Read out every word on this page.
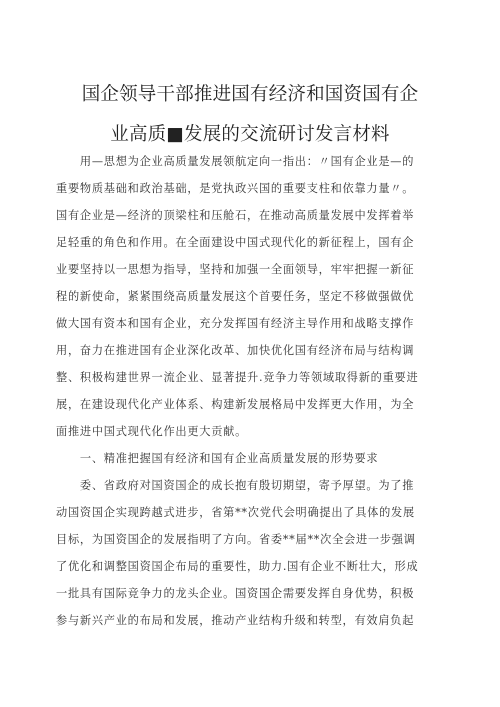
国企领导干部推进国有经济和国资国有企
业高质■发展的交流研讨发言材料
　　用—思想为企业高质量发展领航定向一指出：〃国有企业是—的
重要物质基础和政治基础，是党执政兴国的重要支柱和依靠力量〃。
国有企业是—经济的顶梁柱和压舱石，在推动高质量发展中发挥着举
足轻重的角色和作用。在全面建设中国式现代化的新征程上，国有企
业要坚持以一思想为指导，坚持和加强一全面领导，牢牢把握一新征
程的新使命，紧紧围绕高质量发展这个首要任务，坚定不移做强做优
做大国有资本和国有企业，充分发挥国有经济主导作用和战略支撑作
用，奋力在推进国有企业深化改革、加快优化国有经济布局与结构调
整、积极构建世界一流企业、显著提升.竞争力等领域取得新的重要进
展，在建设现代化产业体系、构建新发展格局中发挥更大作用，为全
面推进中国式现代化作出更大贡献。
　　一、精准把握国有经济和国有企业高质量发展的形势要求
　　委、省政府对国资国企的成长抱有殷切期望，寄予厚望。为了推
动国资国企实现跨越式进步，省第**次党代会明确提出了具体的发展
目标，为国资国企的发展指明了方向。省委**届**次全会进一步强调
了优化和调整国资国企布局的重要性，助力.国有企业不断壮大，形成
一批具有国际竞争力的龙头企业。国资国企需要发挥自身优势，积极
参与新兴产业的布局和发展，推动产业结构升级和转型，有效肩负起
